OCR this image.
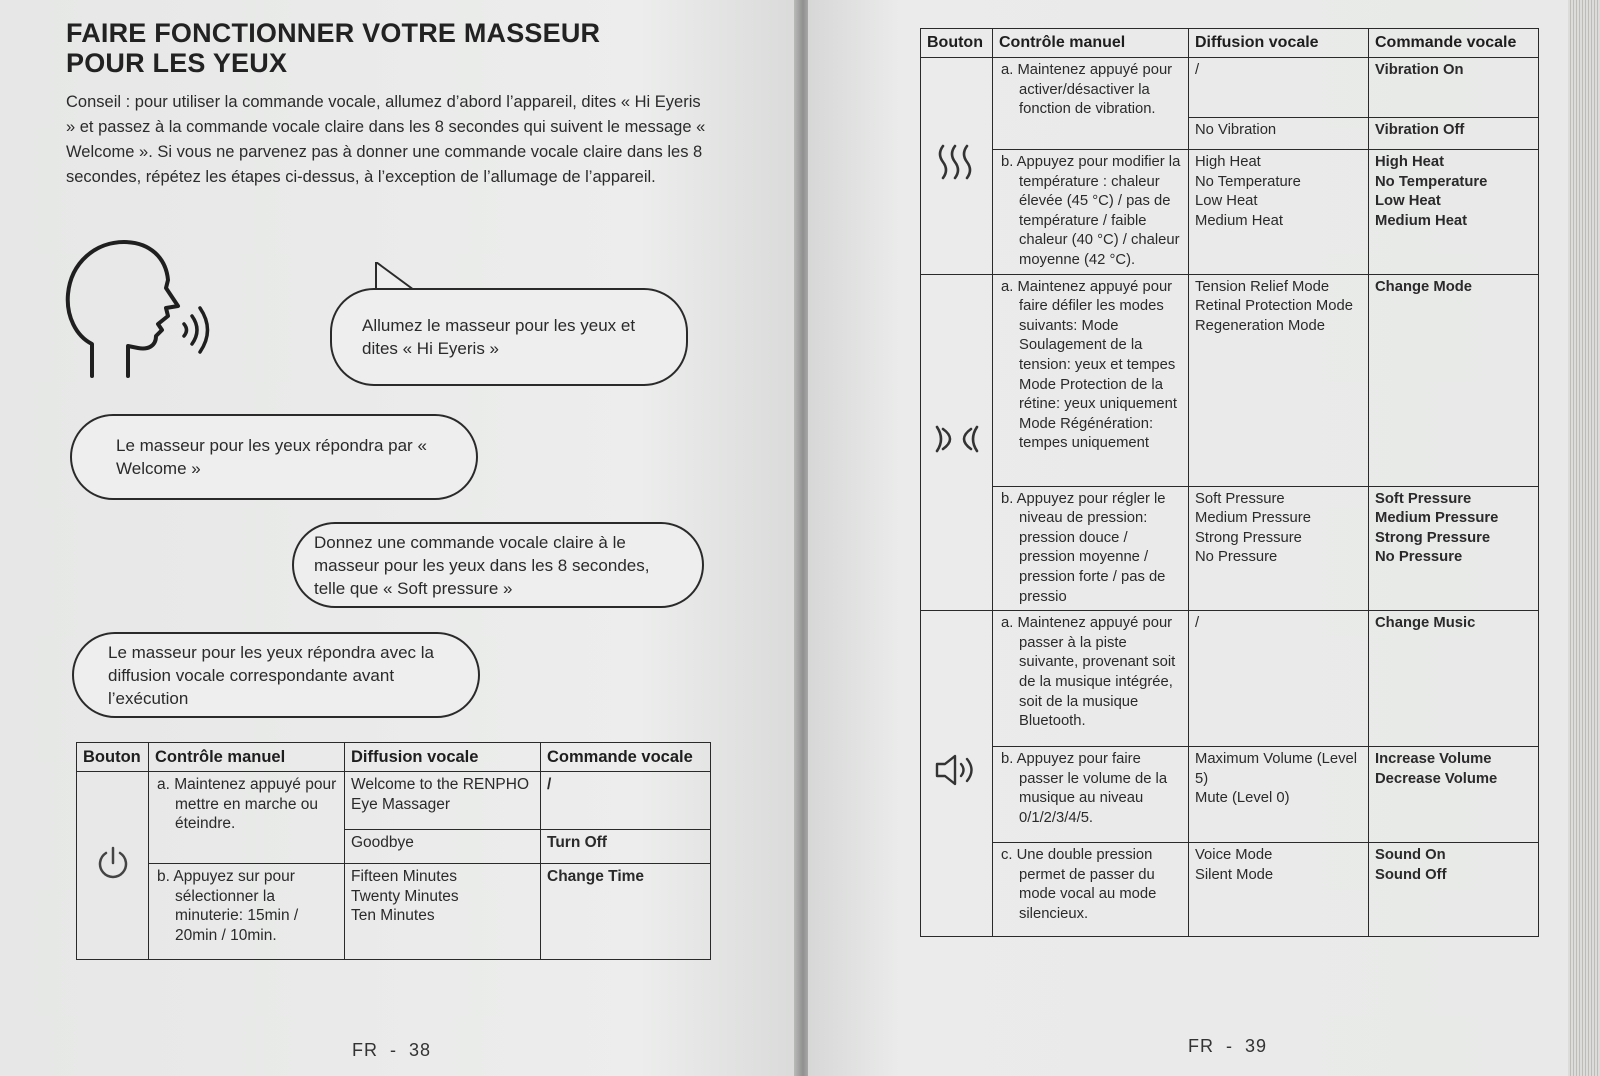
FAIRE FONCTIONNER VOTRE MASSEUR
POUR LES YEUX

Conseil : pour utiliser la commande vocale, allumez d’abord l’appareil, dites « Hi Eyeris » et passez à la commande vocale claire dans les 8 secondes qui suivent le message « Welcome ». Si vous ne parvenez pas à donner une commande vocale claire dans les 8 secondes, répétez les étapes ci-dessus, à l’exception de l’allumage de l’appareil.

Allumez le masseur pour les yeux et dites « Hi Eyeris »
Le masseur pour les yeux répondra par « Welcome »
Donnez une commande vocale claire à le masseur pour les yeux dans les 8 secondes, telle que « Soft pressure »
Le masseur pour les yeux répondra avec la diffusion vocale correspondante avant l’exécution
Bouton	Contrôle manuel	Diffusion vocale	Commande vocale
	a. Maintenez appuyé pour mettre en marche ou éteindre.	Welcome to the RENPHO Eye Massager	/
		Goodbye	Turn Off
	b. Appuyez sur pour sélectionner la minuterie: 15min / 20min / 10min.	Fifteen Minutes
Twenty Minutes
Ten Minutes	Change Time
FR  -  38
Bouton	Contrôle manuel	Diffusion vocale	Commande vocale
	a. Maintenez appuyé pour activer/désactiver la fonction de vibration.	/	Vibration On
		No Vibration	Vibration Off
	b. Appuyez pour modifier la température : chaleur élevée (45 °C) / pas de température / faible chaleur (40 °C) / chaleur moyenne (42 °C).	High Heat
No Temperature
Low Heat
Medium Heat	High Heat
No Temperature
Low Heat
Medium Heat
	a. Maintenez appuyé pour faire défiler les modes suivants: Mode Soulagement de la tension: yeux et tempes Mode Protection de la rétine: yeux uniquement Mode Régénération: tempes uniquement	Tension Relief Mode
Retinal Protection Mode
Regeneration Mode	Change Mode
	b. Appuyez pour régler le niveau de pression: pression douce / pression moyenne / pression forte / pas de pressio	Soft Pressure
Medium Pressure
Strong Pressure
No Pressure	Soft Pressure
Medium Pressure
Strong Pressure
No Pressure
	a. Maintenez appuyé pour passer à la piste suivante, provenant soit de la musique intégrée, soit de la musique Bluetooth.	/	Change Music
	b. Appuyez pour faire passer le volume de la musique au niveau 0/1/2/3/4/5.	Maximum Volume (Level 5)
Mute (Level 0)	Increase Volume
Decrease Volume
	c. Une double pression permet de passer du mode vocal au mode silencieux.	Voice Mode
Silent Mode	Sound On
Sound Off
FR  -  39
